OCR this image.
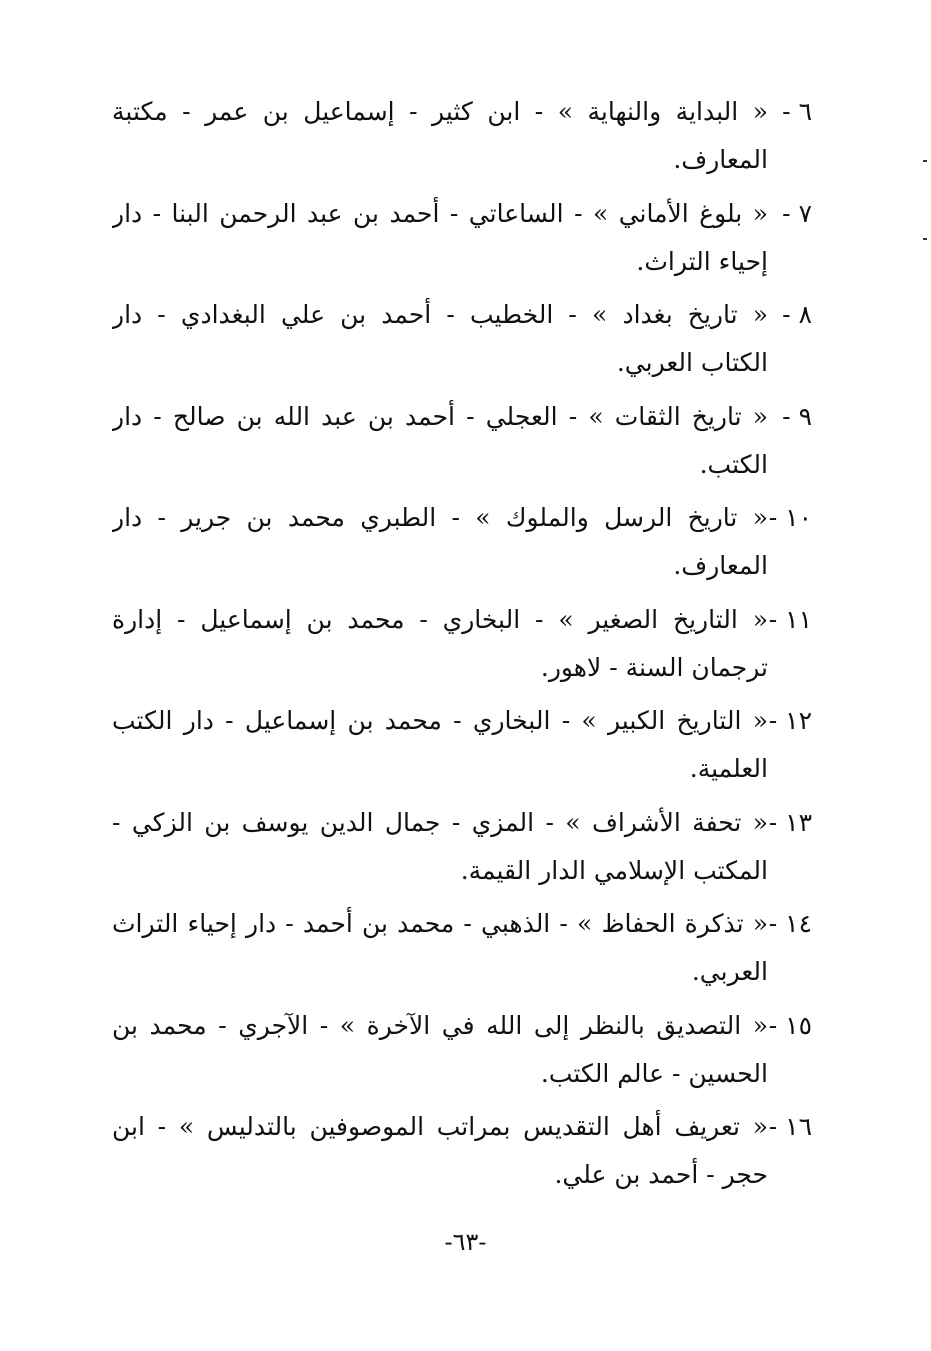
٦ -
« البداية والنهاية » - ابن كثير - إسماعيل بن عمر - مكتبة
المعارف.
٧ -
« بلوغ الأماني » - الساعاتي - أحمد بن عبد الرحمن البنا - دار
إحياء التراث.
٨ -
« تاريخ بغداد » - الخطيب - أحمد بن علي البغدادي - دار
الكتاب العربي.
٩ -
« تاريخ الثقات » - العجلي - أحمد بن عبد الله بن صالح - دار
الكتب.
١٠ -
« تاريخ الرسل والملوك » - الطبري محمد بن جرير - دار
المعارف.
١١ -
« التاريخ الصغير » - البخاري - محمد بن إسماعيل - إدارة
ترجمان السنة - لاهور.
١٢ -
« التاريخ الكبير » - البخاري - محمد بن إسماعيل - دار الكتب
العلمية.
١٣ -
« تحفة الأشراف » - المزي - جمال الدين يوسف بن الزكي -
المكتب الإسلامي الدار القيمة.
١٤ -
« تذكرة الحفاظ » - الذهبي - محمد بن أحمد - دار إحياء التراث
العربي.
١٥ -
« التصديق بالنظر إلى الله في الآخرة » - الآجري - محمد بن
الحسين - عالم الكتب.
١٦ -
« تعريف أهل التقديس بمراتب الموصوفين بالتدليس » - ابن
حجر - أحمد بن علي.
-٦٣-
